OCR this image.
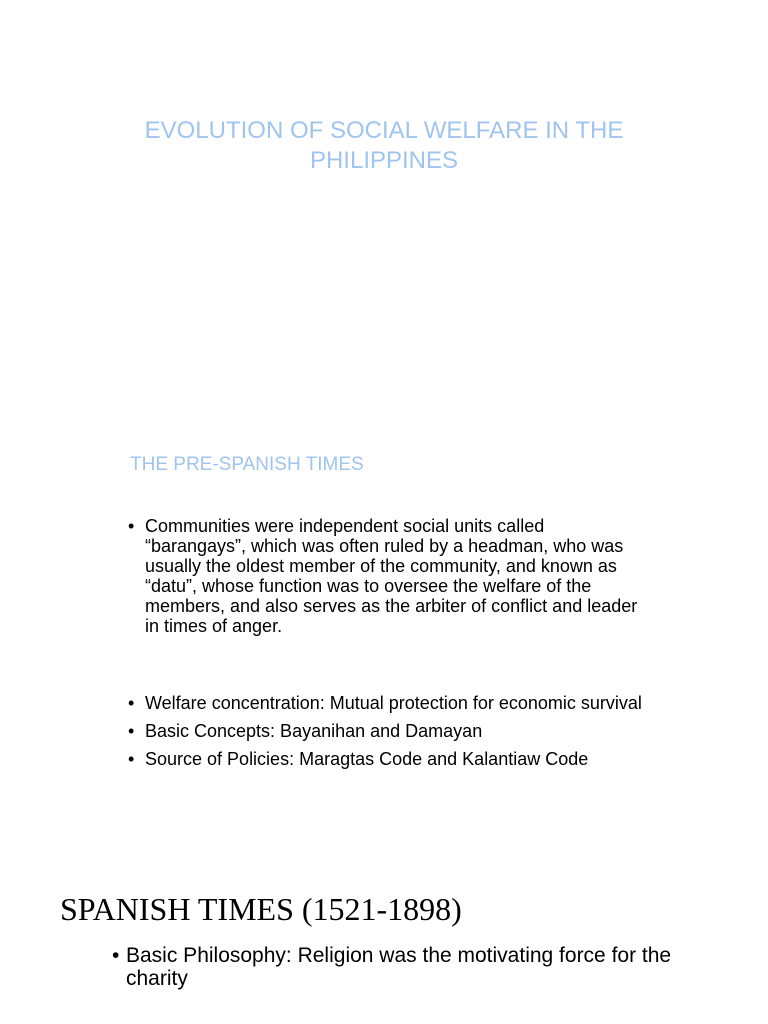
EVOLUTION OF SOCIAL WELFARE IN THE PHILIPPINES
THE PRE-SPANISH TIMES
• Communities were independent social units called “barangays”, which was often ruled by a headman, who was usually the oldest member of the community, and known as “datu”, whose function was to oversee the welfare of the members, and also serves as the arbiter of conflict and leader in times of anger.
• Welfare concentration: Mutual protection for economic survival
• Basic Concepts: Bayanihan and Damayan
• Source of Policies: Maragtas Code and Kalantiaw Code
SPANISH TIMES (1521-1898)
• Basic Philosophy: Religion was the motivating force for the charity
